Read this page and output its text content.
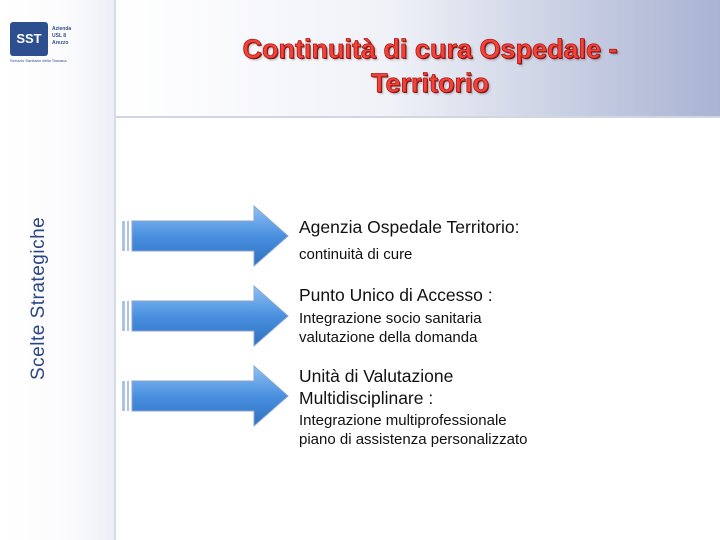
SST
Azienda
USL 8
Arezzo
Servizio Sanitario della Toscana
Scelte Strategiche
Continuità di cura Ospedale -
Territorio
Agenzia Ospedale Territorio:
continuità di cure
Punto Unico di Accesso :
Integrazione socio sanitaria
valutazione della domanda
Unità di Valutazione
Multidisciplinare :
Integrazione multiprofessionale
piano di assistenza personalizzato
